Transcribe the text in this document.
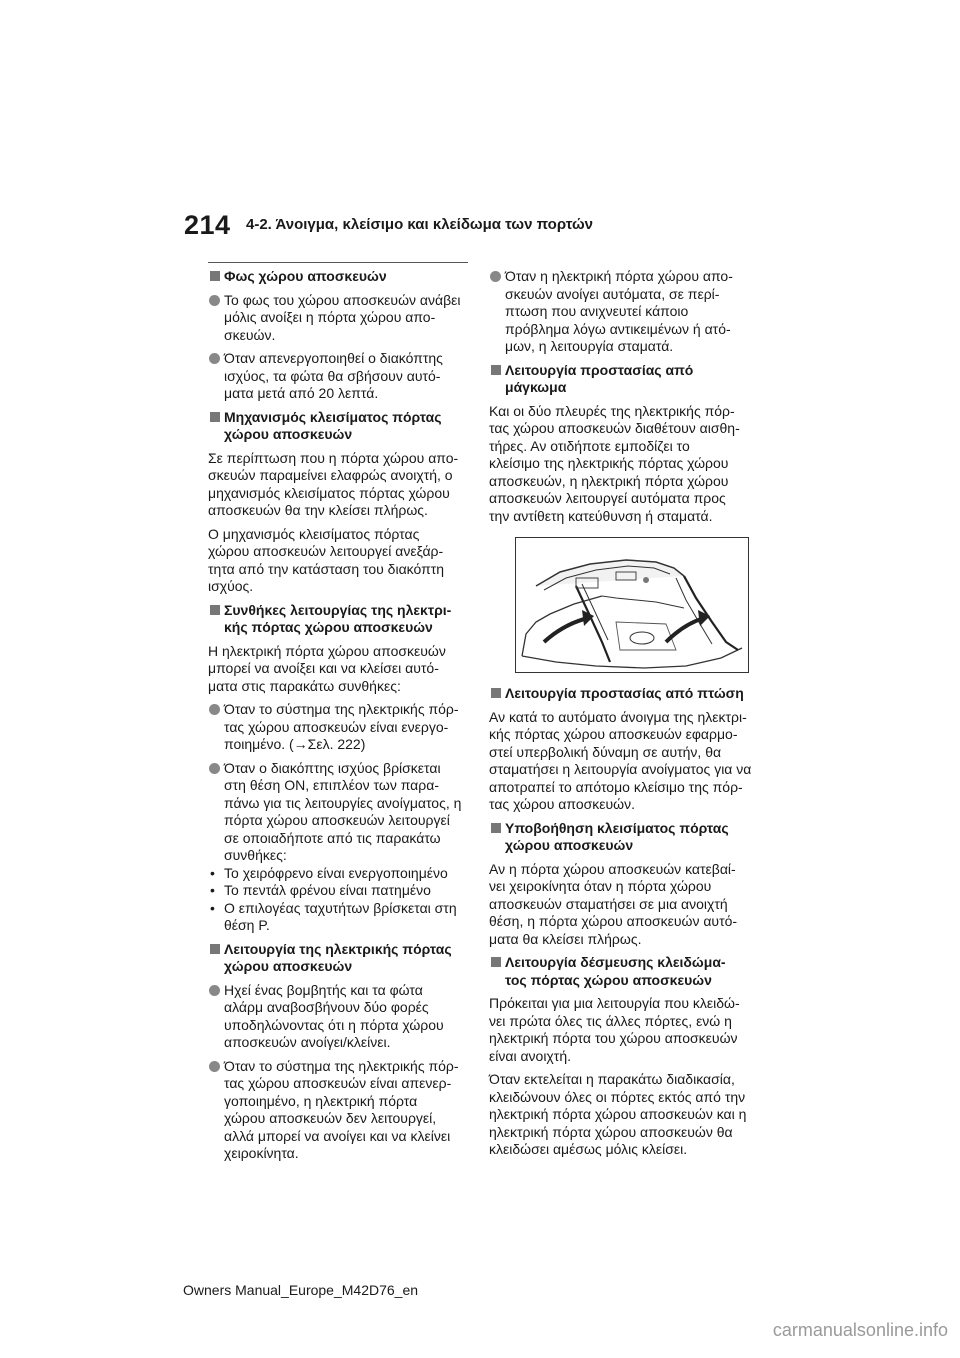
214 4-2. Άνοιγμα, κλείσιμο και κλείδωμα των πορτών
Φως χώρου αποσκευών
Το φως του χώρου αποσκευών ανάβει
μόλις ανοίξει η πόρτα χώρου απο-
σκευών.
Όταν απενεργοποιηθεί ο διακόπτης
ισχύος, τα φώτα θα σβήσουν αυτό-
ματα μετά από 20 λεπτά.
Μηχανισμός κλεισίματος πόρτας
χώρου αποσκευών
Σε περίπτωση που η πόρτα χώρου απο-
σκευών παραμείνει ελαφρώς ανοιχτή, ο
μηχανισμός κλεισίματος πόρτας χώρου
αποσκευών θα την κλείσει πλήρως.
Ο μηχανισμός κλεισίματος πόρτας
χώρου αποσκευών λειτουργεί ανεξάρ-
τητα από την κατάσταση του διακόπτη
ισχύος.
Συνθήκες λειτουργίας της ηλεκτρι-
κής πόρτας χώρου αποσκευών
Η ηλεκτρική πόρτα χώρου αποσκευών
μπορεί να ανοίξει και να κλείσει αυτό-
ματα στις παρακάτω συνθήκες:
Όταν το σύστημα της ηλεκτρικής πόρ-
τας χώρου αποσκευών είναι ενεργο-
ποιημένο. (→Σελ. 222)
Όταν ο διακόπτης ισχύος βρίσκεται
στη θέση ON, επιπλέον των παρα-
πάνω για τις λειτουργίες ανοίγματος, η
πόρτα χώρου αποσκευών λειτουργεί
σε οποιαδήποτε από τις παρακάτω
συνθήκες:
• Το χειρόφρενο είναι ενεργοποιημένο
• Το πεντάλ φρένου είναι πατημένο
• Ο επιλογέας ταχυτήτων βρίσκεται στη
θέση P.
Λειτουργία της ηλεκτρικής πόρτας
χώρου αποσκευών
Ηχεί ένας βομβητής και τα φώτα
αλάρμ αναβοσβήνουν δύο φορές
υποδηλώνοντας ότι η πόρτα χώρου
αποσκευών ανοίγει/κλείνει.
Όταν το σύστημα της ηλεκτρικής πόρ-
τας χώρου αποσκευών είναι απενερ-
γοποιημένο, η ηλεκτρική πόρτα
χώρου αποσκευών δεν λειτουργεί,
αλλά μπορεί να ανοίγει και να κλείνει
χειροκίνητα.
Όταν η ηλεκτρική πόρτα χώρου απο-
σκευών ανοίγει αυτόματα, σε περί-
πτωση που ανιχνευτεί κάποιο
πρόβλημα λόγω αντικειμένων ή ατό-
μων, η λειτουργία σταματά.
Λειτουργία προστασίας από
μάγκωμα
Και οι δύο πλευρές της ηλεκτρικής πόρ-
τας χώρου αποσκευών διαθέτουν αισθη-
τήρες. Αν οτιδήποτε εμποδίζει το
κλείσιμο της ηλεκτρικής πόρτας χώρου
αποσκευών, η ηλεκτρική πόρτα χώρου
αποσκευών λειτουργεί αυτόματα προς
την αντίθετη κατεύθυνση ή σταματά.
Λειτουργία προστασίας από πτώση
Αν κατά το αυτόματο άνοιγμα της ηλεκτρι-
κής πόρτας χώρου αποσκευών εφαρμο-
στεί υπερβολική δύναμη σε αυτήν, θα
σταματήσει η λειτουργία ανοίγματος για να
αποτραπεί το απότομο κλείσιμο της πόρ-
τας χώρου αποσκευών.
Υποβοήθηση κλεισίματος πόρτας
χώρου αποσκευών
Αν η πόρτα χώρου αποσκευών κατεβαί-
νει χειροκίνητα όταν η πόρτα χώρου
αποσκευών σταματήσει σε μια ανοιχτή
θέση, η πόρτα χώρου αποσκευών αυτό-
ματα θα κλείσει πλήρως.
Λειτουργία δέσμευσης κλειδώμα-
τος πόρτας χώρου αποσκευών
Πρόκειται για μια λειτουργία που κλειδώ-
νει πρώτα όλες τις άλλες πόρτες, ενώ η
ηλεκτρική πόρτα του χώρου αποσκευών
είναι ανοιχτή.
Όταν εκτελείται η παρακάτω διαδικασία,
κλειδώνουν όλες οι πόρτες εκτός από την
ηλεκτρική πόρτα χώρου αποσκευών και η
ηλεκτρική πόρτα χώρου αποσκευών θα
κλειδώσει αμέσως μόλις κλείσει.
Owners Manual_Europe_M42D76_en
carmanualsonline.info
